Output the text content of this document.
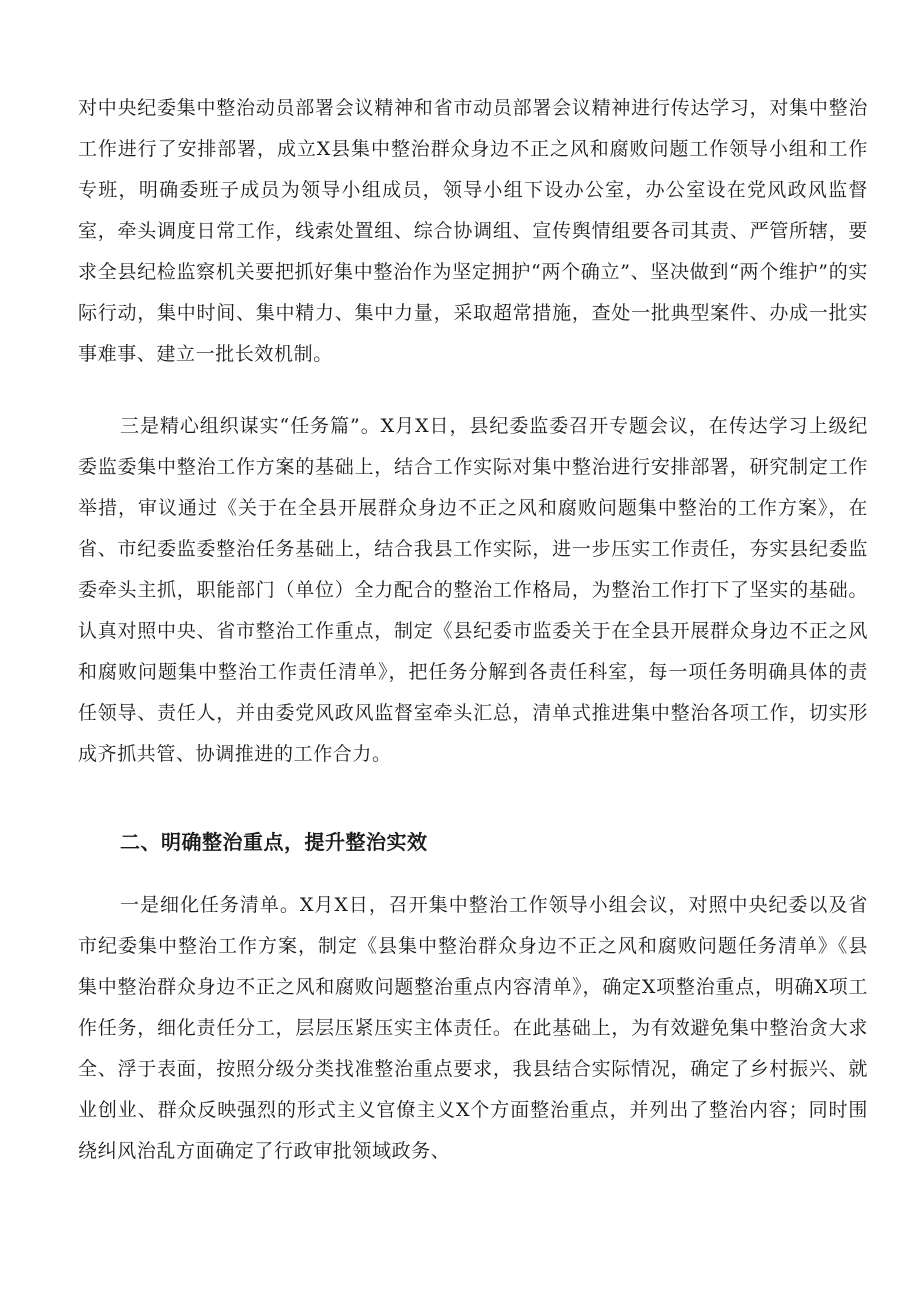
对中央纪委集中整治动员部署会议精神和省市动员部署会议精神进行传达学习，对集中整治工作进行了安排部署，成立X县集中整治群众身边不正之风和腐败问题工作领导小组和工作专班，明确委班子成员为领导小组成员，领导小组下设办公室，办公室设在党风政风监督室，牵头调度日常工作，线索处置组、综合协调组、宣传舆情组要各司其责、严管所辖，要求全县纪检监察机关要把抓好集中整治作为坚定拥护“两个确立”、坚决做到“两个维护”的实际行动，集中时间、集中精力、集中力量，采取超常措施，查处一批典型案件、办成一批实事难事、建立一批长效机制。

三是精心组织谋实“任务篇”。X月X日，县纪委监委召开专题会议，在传达学习上级纪委监委集中整治工作方案的基础上，结合工作实际对集中整治进行安排部署，研究制定工作举措，审议通过《关于在全县开展群众身边不正之风和腐败问题集中整治的工作方案》，在省、市纪委监委整治任务基础上，结合我县工作实际，进一步压实工作责任，夯实县纪委监委牵头主抓，职能部门（单位）全力配合的整治工作格局，为整治工作打下了坚实的基础。认真对照中央、省市整治工作重点，制定《县纪委市监委关于在全县开展群众身边不正之风和腐败问题集中整治工作责任清单》，把任务分解到各责任科室，每一项任务明确具体的责任领导、责任人，并由委党风政风监督室牵头汇总，清单式推进集中整治各项工作，切实形成齐抓共管、协调推进的工作合力。

二、明确整治重点，提升整治实效

一是细化任务清单。X月X日，召开集中整治工作领导小组会议，对照中央纪委以及省市纪委集中整治工作方案，制定《县集中整治群众身边不正之风和腐败问题任务清单》《县集中整治群众身边不正之风和腐败问题整治重点内容清单》，确定X项整治重点，明确X项工作任务，细化责任分工，层层压紧压实主体责任。在此基础上，为有效避免集中整治贪大求全、浮于表面，按照分级分类找准整治重点要求，我县结合实际情况，确定了乡村振兴、就业创业、群众反映强烈的形式主义官僚主义X个方面整治重点，并列出了整治内容；同时围绕纠风治乱方面确定了行政审批领域政务、
